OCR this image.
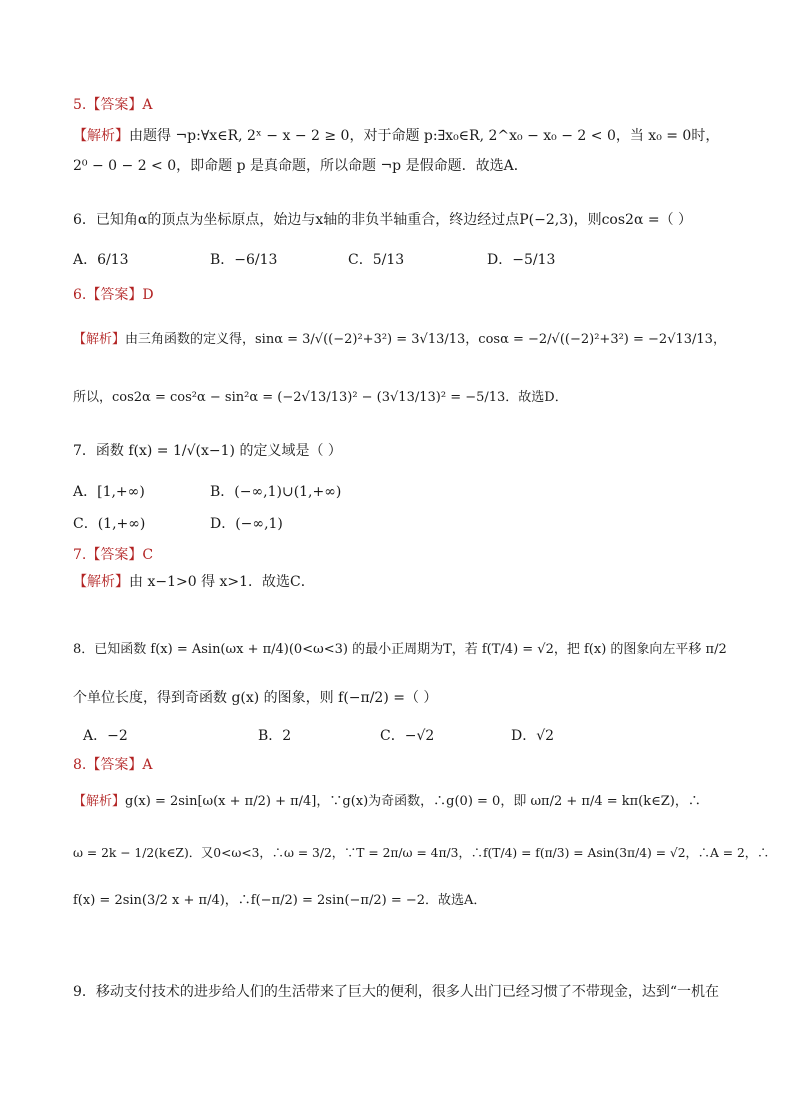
5.【答案】A
【解析】由题得 ¬p:∀x∈R, 2ˣ − x − 2 ≥ 0，对于命题 p:∃x₀∈R, 2^x₀ − x₀ − 2 < 0，当 x₀ = 0时，
2⁰ − 0 − 2 < 0，即命题 p 是真命题，所以命题 ¬p 是假命题．故选A．
6．已知角α的顶点为坐标原点，始边与x轴的非负半轴重合，终边经过点P(−2,3)，则cos2α =（ ）
A．6/13	B．−6/13	C．5/13	D．−5/13
6.【答案】D
【解析】由三角函数的定义得，sinα = 3/√((−2)²+3²) = 3√13/13，cosα = −2/√((−2)²+3²) = −2√13/13，
所以，cos2α = cos²α − sin²α = (−2√13/13)² − (3√13/13)² = −5/13．故选D．
7．函数 f(x) = 1/√(x−1) 的定义域是（ ）
A．[1,+∞)	B．(−∞,1)∪(1,+∞)
C．(1,+∞)	D．(−∞,1)
7.【答案】C
【解析】由 x−1>0 得 x>1．故选C．
8．已知函数 f(x) = Asin(ωx + π/4)(0<ω<3) 的最小正周期为T，若 f(T/4) = √2，把 f(x) 的图象向左平移 π/2
个单位长度，得到奇函数 g(x) 的图象，则 f(−π/2) =（ ）
A．−2	B．2	C．−√2	D．√2
8.【答案】A
【解析】g(x) = 2sin[ω(x + π/2) + π/4]，∵g(x)为奇函数，∴g(0) = 0，即 ωπ/2 + π/4 = kπ(k∈Z)，∴
ω = 2k − 1/2(k∈Z)．又0<ω<3，∴ω = 3/2，∵T = 2π/ω = 4π/3，∴f(T/4) = f(π/3) = Asin(3π/4) = √2，∴A = 2，∴
f(x) = 2sin(3/2 x + π/4)，∴f(−π/2) = 2sin(−π/2) = −2．故选A．
9．移动支付技术的进步给人们的生活带来了巨大的便利，很多人出门已经习惯了不带现金，达到“一机在
